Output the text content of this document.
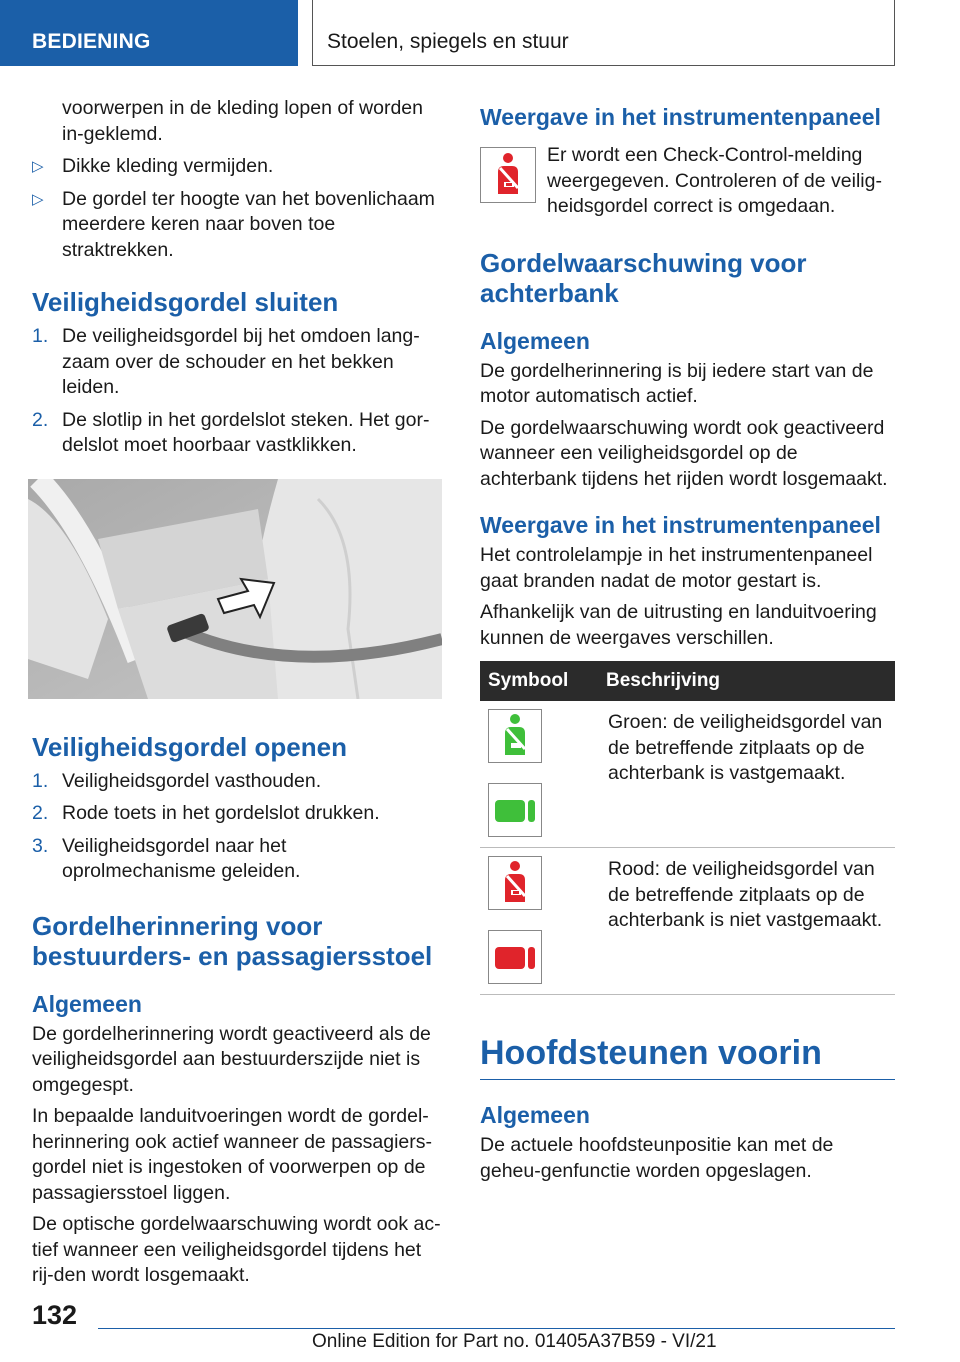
BEDIENING	Stoelen, spiegels en stuur

voorwerpen in de kleding lopen of worden in-geklemd.

▷ Dikke kleding vermijden.
▷ De gordel ter hoogte van het bovenlichaam meerdere keren naar boven toe straktrekken.
Veiligheidsgordel sluiten
1. De veiligheidsgordel bij het omdoen lang-zaam over de schouder en het bekken leiden.
2. De slotlip in het gordelslot steken. Het gor-delslot moet hoorbaar vastklikken.
Veiligheidsgordel openen
1. Veiligheidsgordel vasthouden.
2. Rode toets in het gordelslot drukken.
3. Veiligheidsgordel naar het oprolmechanisme geleiden.
Gordelherinnering voor bestuurders- en passagiersstoel
Algemeen

De gordelherinnering wordt geactiveerd als de veiligheidsgordel aan bestuurderszijde niet is omgegespt.

In bepaalde landuitvoeringen wordt de gordel-herinnering ook actief wanneer de passagiers-gordel niet is ingestoken of voorwerpen op de passagiersstoel liggen.

De optische gordelwaarschuwing wordt ook ac-tief wanneer een veiligheidsgordel tijdens het rij-den wordt losgemaakt.

Weergave in het instrumentenpaneel

Er wordt een Check-Control-melding weergegeven. Controleren of de veilig-heidsgordel correct is omgedaan.

Gordelwaarschuwing voor achterbank
Algemeen

De gordelherinnering is bij iedere start van de motor automatisch actief.

De gordelwaarschuwing wordt ook geactiveerd wanneer een veiligheidsgordel op de achterbank tijdens het rijden wordt losgemaakt.

Weergave in het instrumentenpaneel

Het controlelampje in het instrumentenpaneel gaat branden nadat de motor gestart is.

Afhankelijk van de uitrusting en landuitvoering kunnen de weergaves verschillen.

Symbool	Beschrijving

	Groen: de veiligheidsgordel van de betreffende zitplaats op de achterbank is vastgemaakt.

	Rood: de veiligheidsgordel van de betreffende zitplaats op de achterbank is niet vastgemaakt.
Hoofdsteunen voorin
Algemeen

De actuele hoofdsteunpositie kan met de geheu-genfunctie worden opgeslagen.

132
Online Edition for Part no. 01405A37B59 - VI/21
